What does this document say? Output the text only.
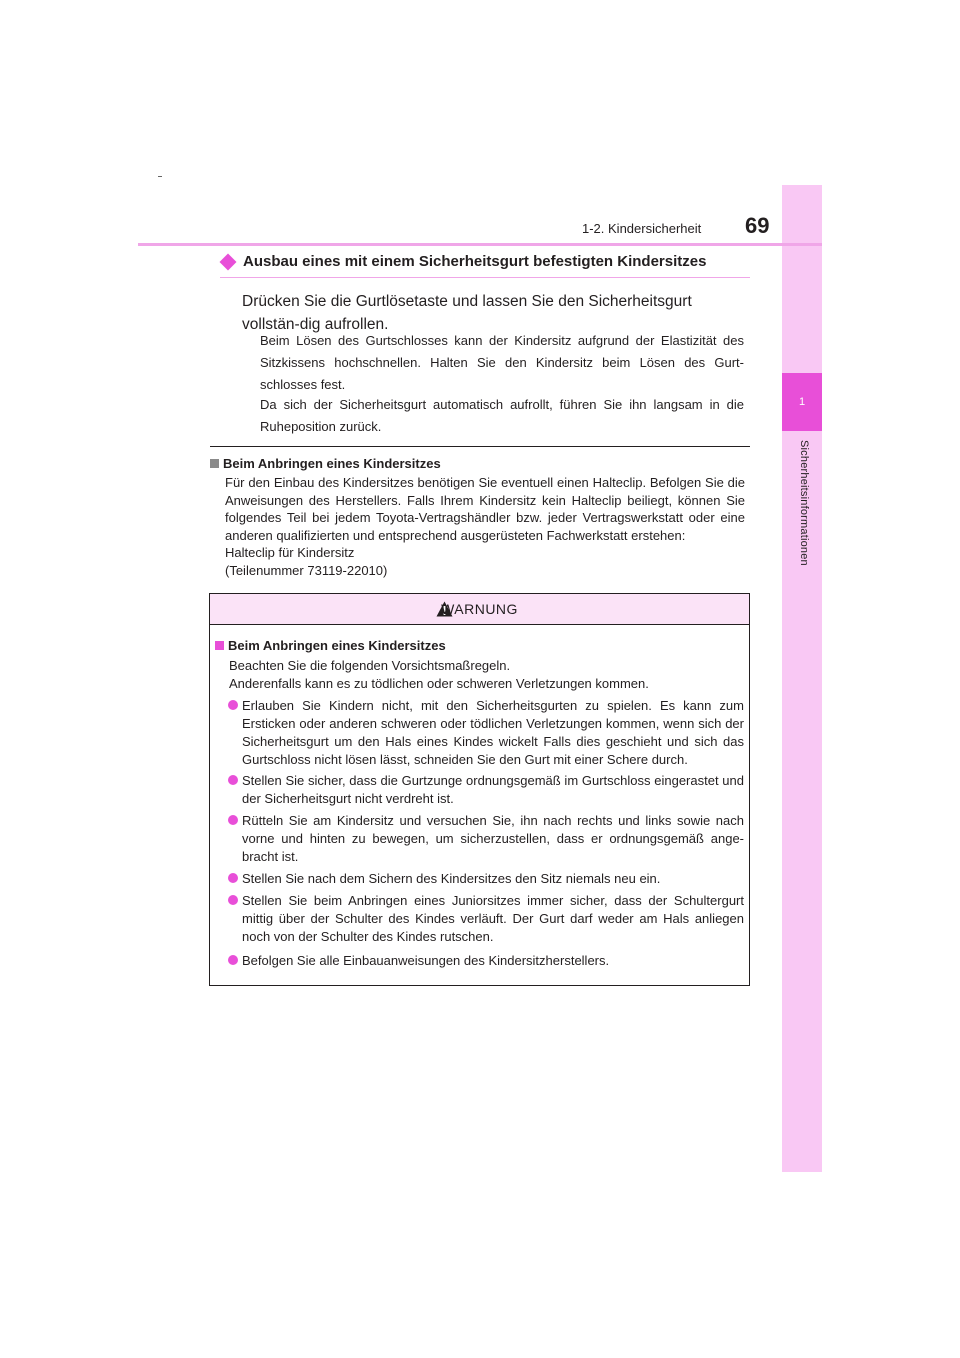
1
Sicherheitsinformationen
1-2. Kindersicherheit 69
Ausbau eines mit einem Sicherheitsgurt befestigten Kindersitzes
Drücken Sie die Gurtlösetaste und lassen Sie den Sicherheitsgurt vollstän-dig aufrollen.
Beim Lösen des Gurtschlosses kann der Kindersitz aufgrund der Elastizität des Sitzkissens hochschnellen. Halten Sie den Kindersitz beim Lösen des Gurt-schlosses fest.
Da sich der Sicherheitsgurt automatisch aufrollt, führen Sie ihn langsam in die Ruheposition zurück.
Beim Anbringen eines Kindersitzes
Für den Einbau des Kindersitzes benötigen Sie eventuell einen Halteclip. Befolgen Sie die Anweisungen des Herstellers. Falls Ihrem Kindersitz kein Halteclip beiliegt, können Sie folgendes Teil bei jedem Toyota-Vertragshändler bzw. jeder Vertragswerkstatt oder eine anderen qualifizierten und entsprechend ausgerüsteten Fachwerkstatt erstehen:
Halteclip für Kindersitz
(Teilenummer 73119-22010)
WARNUNG
Beim Anbringen eines Kindersitzes
Beachten Sie die folgenden Vorsichtsmaßregeln.
Anderenfalls kann es zu tödlichen oder schweren Verletzungen kommen.
Erlauben Sie Kindern nicht, mit den Sicherheitsgurten zu spielen. Es kann zum Ersticken oder anderen schweren oder tödlichen Verletzungen kommen, wenn sich der Sicherheitsgurt um den Hals eines Kindes wickelt Falls dies geschieht und sich das Gurtschloss nicht lösen lässt, schneiden Sie den Gurt mit einer Schere durch.
Stellen Sie sicher, dass die Gurtzunge ordnungsgemäß im Gurtschloss eingerastet und der Sicherheitsgurt nicht verdreht ist.
Rütteln Sie am Kindersitz und versuchen Sie, ihn nach rechts und links sowie nach vorne und hinten zu bewegen, um sicherzustellen, dass er ordnungsgemäß ange-bracht ist.
Stellen Sie nach dem Sichern des Kindersitzes den Sitz niemals neu ein.
Stellen Sie beim Anbringen eines Juniorsitzes immer sicher, dass der Schultergurt mittig über der Schulter des Kindes verläuft. Der Gurt darf weder am Hals anliegen noch von der Schulter des Kindes rutschen.
Befolgen Sie alle Einbauanweisungen des Kindersitzherstellers.
